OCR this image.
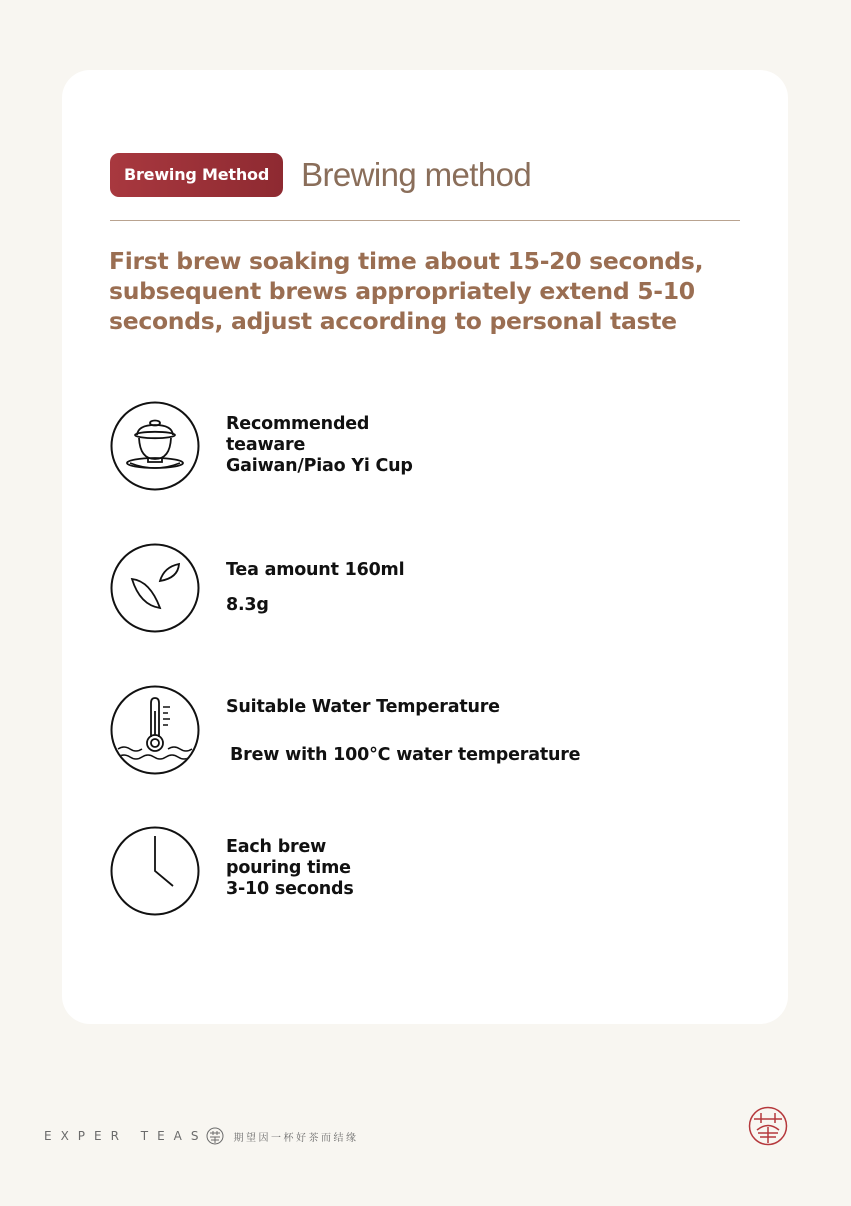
Brewing Method Brewing method
First brew soaking time about 15-20 seconds,
subsequent brews appropriately extend 5-10
seconds, adjust according to personal taste
Recommended
teaware
Gaiwan/Piao Yi Cup
Tea amount 160ml
8.3g
Suitable Water Temperature
Brew with 100°C water temperature
Each brew
pouring time
3-10 seconds
EXPER TEAS	期望因一杯好茶而结缘
